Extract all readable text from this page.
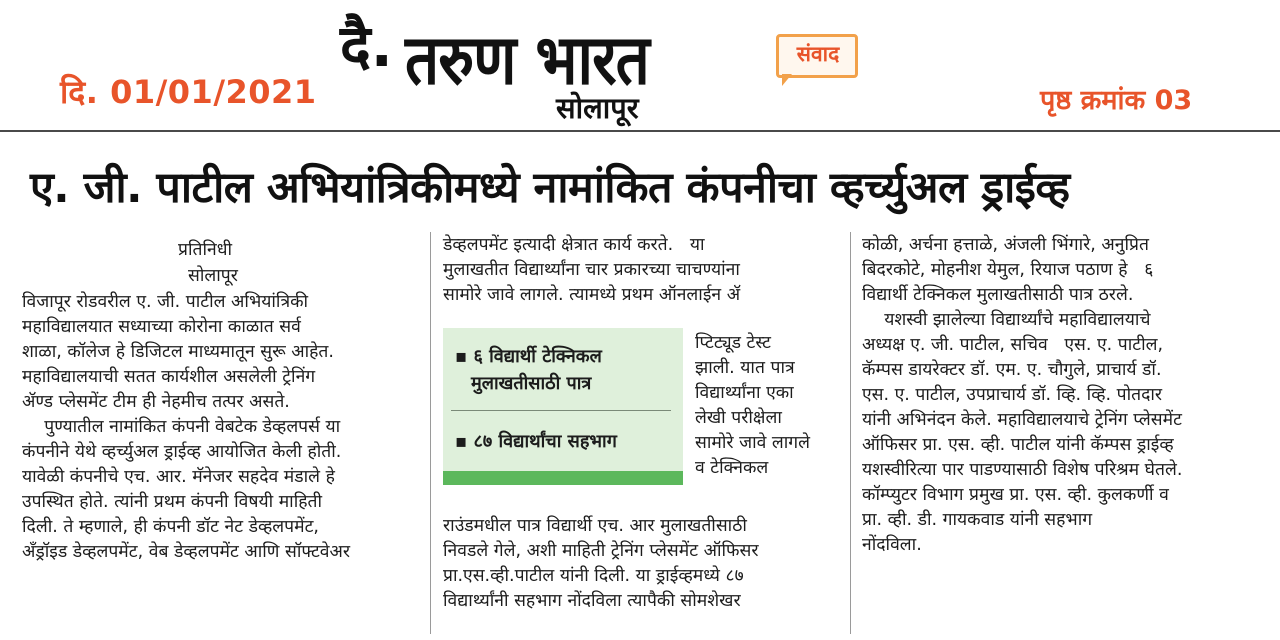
दि. 01/01/2021
दै. तरुण भारत
सोलापूर
संवाद
पृष्ठ क्रमांक 03
ए. जी. पाटील अभियांत्रिकीमध्ये नामांकित कंपनीचा व्हर्च्युअल ड्राईव्ह
प्रतिनिधी
सोलापूर

विजापूर रोडवरील ए. जी. पाटील अभियांत्रिकी

महाविद्यालयात सध्याच्या कोरोना काळात सर्व

शाळा, कॉलेज हे डिजिटल माध्यमातून सुरू आहेत.

महाविद्यालयाची सतत कार्यशील असलेली ट्रेनिंग

ॲण्ड प्लेसमेंट टीम ही नेहमीच तत्पर असते.

पुण्यातील नामांकित कंपनी वेबटेक डेव्हलपर्स या

कंपनीने येथे व्हर्च्युअल ड्राईव्ह आयोजित केली होती.

यावेळी कंपनीचे एच. आर. मॅनेजर सहदेव मंडाले हे

उपस्थित होते. त्यांनी प्रथम कंपनी विषयी माहिती

दिली. ते म्हणाले, ही कंपनी डॉट नेट डेव्हलपमेंट,

ॲंड्रॉइड डेव्हलपमेंट, वेब डेव्हलपमेंट आणि सॉफ्टवेअर

डेव्हलपमेंट इत्यादी क्षेत्रात कार्य करते.   या

मुलाखतीत विद्यार्थ्यांना चार प्रकारच्या चाचण्यांना

सामोरे जावे लागले. त्यामध्ये प्रथम ऑनलाईन ॲ

▪ ६ विद्यार्थी टेक्निकल
मुलाखतीसाठी पात्र
▪ ८७ विद्यार्थांचा सहभाग

प्टिट्यूड टेस्ट

झाली. यात पात्र

विद्यार्थ्यांना एका

लेखी परीक्षेला

सामोरे जावे लागले

व टेक्निकल

राउंडमधील पात्र विद्यार्थी एच. आर मुलाखतीसाठी

निवडले गेले, अशी माहिती ट्रेनिंग प्लेसमेंट ऑफिसर

प्रा.एस.व्ही.पाटील यांनी दिली. या ड्राईव्हमध्ये ८७

विद्यार्थ्यांनी सहभाग नोंदविला त्यापैकी सोमशेखर

कोळी, अर्चना हत्ताळे, अंजली भिंगारे, अनुप्रित

बिदरकोटे, मोहनीश येमुल, रियाज पठाण हे   ६

विद्यार्थी टेक्निकल मुलाखतीसाठी पात्र ठरले.

यशस्वी झालेल्या विद्यार्थ्यांचे महाविद्यालयाचे

अध्यक्ष ए. जी. पाटील, सचिव   एस. ए. पाटील,

कॅम्पस डायरेक्टर डॉ. एम. ए. चौगुले, प्राचार्य डॉ.

एस. ए. पाटील, उपप्राचार्य डॉ. व्हि. व्हि. पोतदार

यांनी अभिनंदन केले. महाविद्यालयाचे ट्रेनिंग प्लेसमेंट

ऑफिसर प्रा. एस. व्ही. पाटील यांनी कॅम्पस ड्राईव्ह

यशस्वीरित्या पार पाडण्यासाठी विशेष परिश्रम घेतले.

कॉम्प्युटर विभाग प्रमुख प्रा. एस. व्ही. कुलकर्णी व

प्रा. व्ही. डी. गायकवाड यांनी सहभाग

नोंदविला.
